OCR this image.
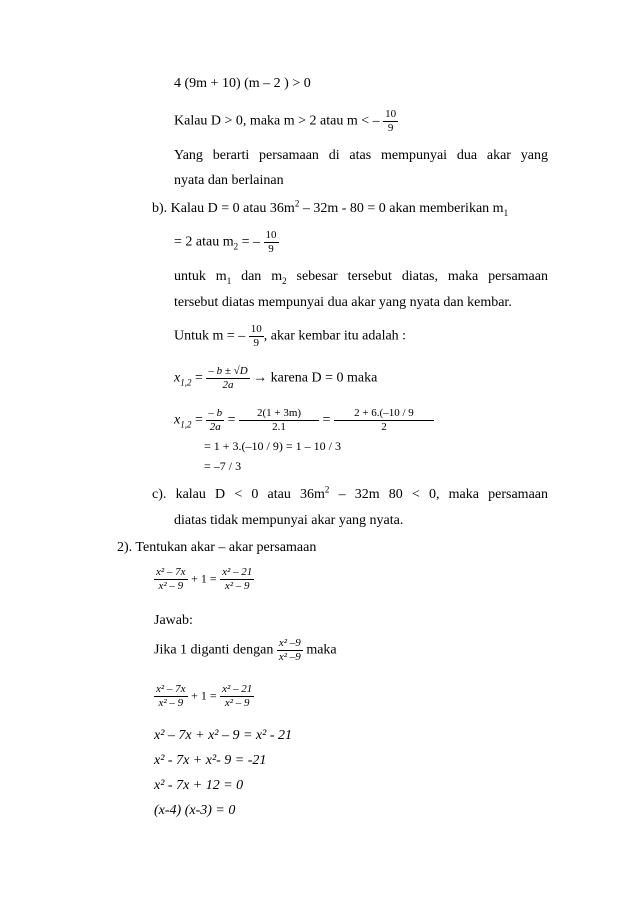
4 (9m + 10) (m – 2 ) > 0
Kalau D > 0, maka m > 2 atau m < – $\frac{10}{9}$
Yang berarti persamaan di atas mempunyai dua akar yang
nyata dan berlainan
b). Kalau D = 0 atau $36m^2 - 32m - 80 = 0$ akan memberikan $m_1$
= 2 atau $m_2$ = – $\frac{10}{9}$
untuk $m_1$ dan $m_2$ sebesar tersebut diatas, maka persamaan
tersebut diatas mempunyai dua akar yang nyata dan kembar.
Untuk m = – $\frac{10}{9}$ , akar kembar itu adalah :
$x_{1,2} = \frac{- b \pm √D}{2a}$ → karena D = 0 maka
$x_{1,2} = \frac{- b}{2a} = \frac{2(1 + 3m)}{2.1} = \frac{2 + 6.(-10 / 9}{2}$
= 1 + 3.(–10 / 9) = 1 – 10 / 3
= –7 / 3
c). kalau D < 0 atau $36m^2 - 32m$ 80 < 0, maka persamaan
diatas tidak mempunyai akar yang nyata.
2). Tentukan akar – akar persamaan
$\frac{\text{x² – 7x}}{\text{x² – 9}} + 1 = \frac{\text{x² – 21}}{\text{x² – 9}}$
Jawab:
Jika 1 diganti dengan $\frac{\text{x² –9}}{\text{x² –9}}$ maka
$\frac{\text{x² – 7x}}{\text{x² – 9}} + 1 = \frac{\text{x² – 21}}{\text{x² – 9}}$
x² – 7x + x² – 9 = x² - 21
x² - 7x + x²- 9 = -21
x² - 7x + 12 = 0
(x-4) (x-3) = 0
